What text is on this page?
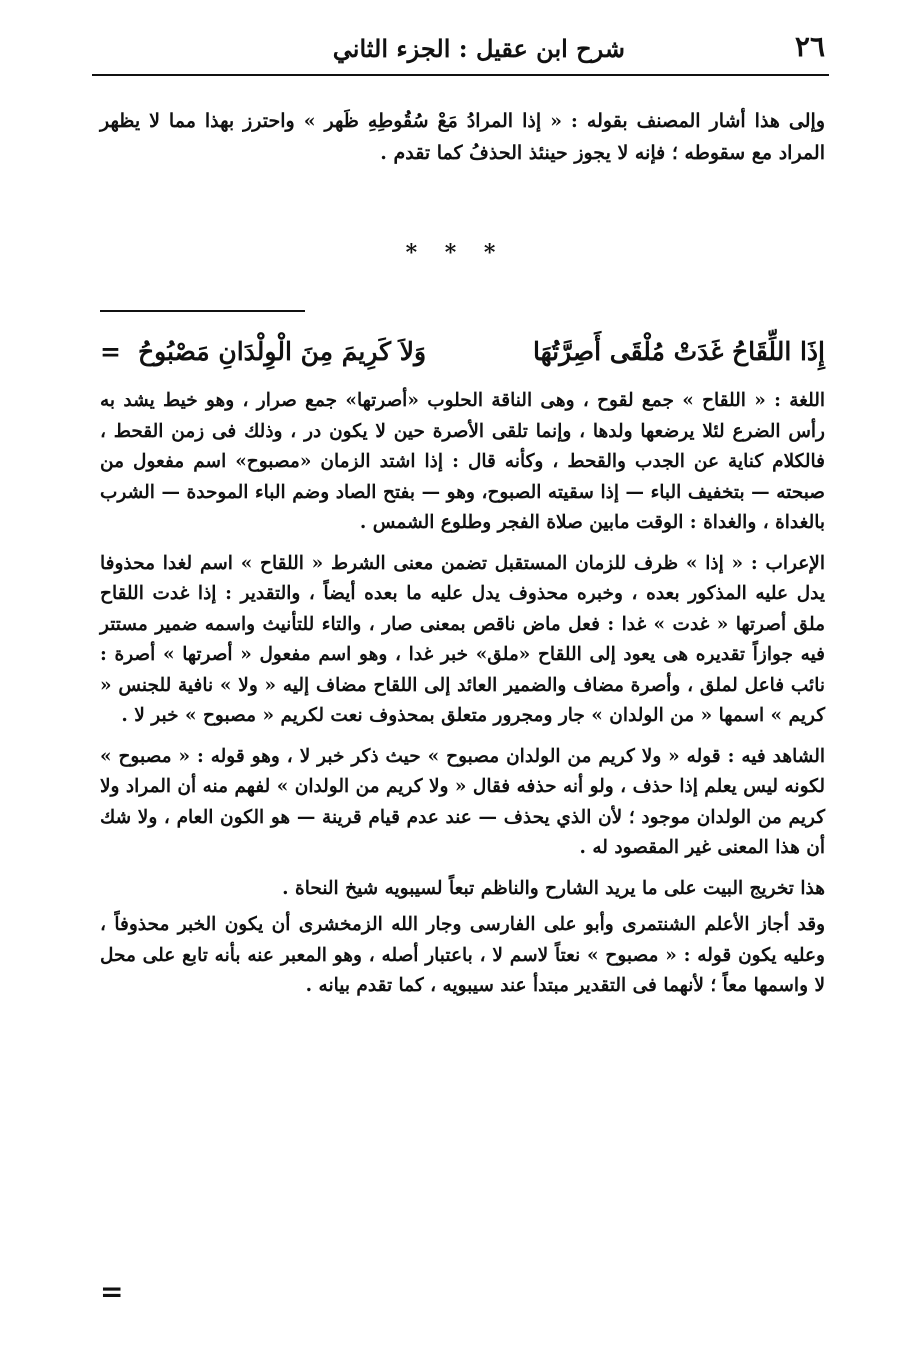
٢٦
شرح ابن عقيل : الجزء الثاني

وإلى هذا أشار المصنف بقوله : « إذا المرادُ مَعْ سُقُوطِهِ ظَهر » واحترز بهذا مما لا يظهر المراد مع سقوطه ؛ فإنه لا يجوز حينئذ الحذفُ كما تقدم .

* * *
إِذَا اللِّقَاحُ غَدَتْ مُلْقَى أَصِرَّتُهَا
وَلاَ كَرِيمَ مِنَ الْوِلْدَانِ مَصْبُوحُ
=

اللغة : « اللقاح » جمع لقوح ، وهى الناقة الحلوب «أصرتها» جمع صرار ، وهو خيط يشد به رأس الضرع لئلا يرضعها ولدها ، وإنما تلقى الأصرة حين لا يكون در ، وذلك فى زمن القحط ، فالكلام كناية عن الجدب والقحط ، وكأنه قال : إذا اشتد الزمان «مصبوح» اسم مفعول من صبحته — بتخفيف الباء — إذا سقيته الصبوح، وهو — بفتح الصاد وضم الباء الموحدة — الشرب بالغداة ، والغداة : الوقت مابين صلاة الفجر وطلوع الشمس .

الإعراب : « إذا » ظرف للزمان المستقبل تضمن معنى الشرط « اللقاح » اسم لغدا محذوفا يدل عليه المذكور بعده ، وخبره محذوف يدل عليه ما بعده أيضاً ، والتقدير : إذا غدت اللقاح ملق أصرتها « غدت » غدا : فعل ماض ناقص بمعنى صار ، والتاء للتأنيث واسمه ضمير مستتر فيه جوازاً تقديره هى يعود إلى اللقاح «ملق» خبر غدا ، وهو اسم مفعول « أصرتها » أصرة : نائب فاعل لملق ، وأصرة مضاف والضمير العائد إلى اللقاح مضاف إليه « ولا » نافية للجنس « كريم » اسمها « من الولدان » جار ومجرور متعلق بمحذوف نعت لكريم « مصبوح » خبر لا .

الشاهد فيه : قوله « ولا كريم من الولدان مصبوح » حيث ذكر خبر لا ، وهو قوله : « مصبوح » لكونه ليس يعلم إذا حذف ، ولو أنه حذفه فقال « ولا كريم من الولدان » لفهم منه أن المراد ولا كريم من الولدان موجود ؛ لأن الذي يحذف — عند عدم قيام قرينة — هو الكون العام ، ولا شك أن هذا المعنى غير المقصود له .

هذا تخريج البيت على ما يريد الشارح والناظم تبعاً لسيبويه شيخ النحاة .

وقد أجاز الأعلم الشنتمرى وأبو على الفارسى وجار الله الزمخشرى أن يكون الخبر محذوفاً ، وعليه يكون قوله : « مصبوح » نعتاً لاسم لا ، باعتبار أصله ، وهو المعبر عنه بأنه تابع على محل لا واسمها معاً ؛ لأنهما فى التقدير مبتدأ عند سيبويه ، كما تقدم بيانه .

=
